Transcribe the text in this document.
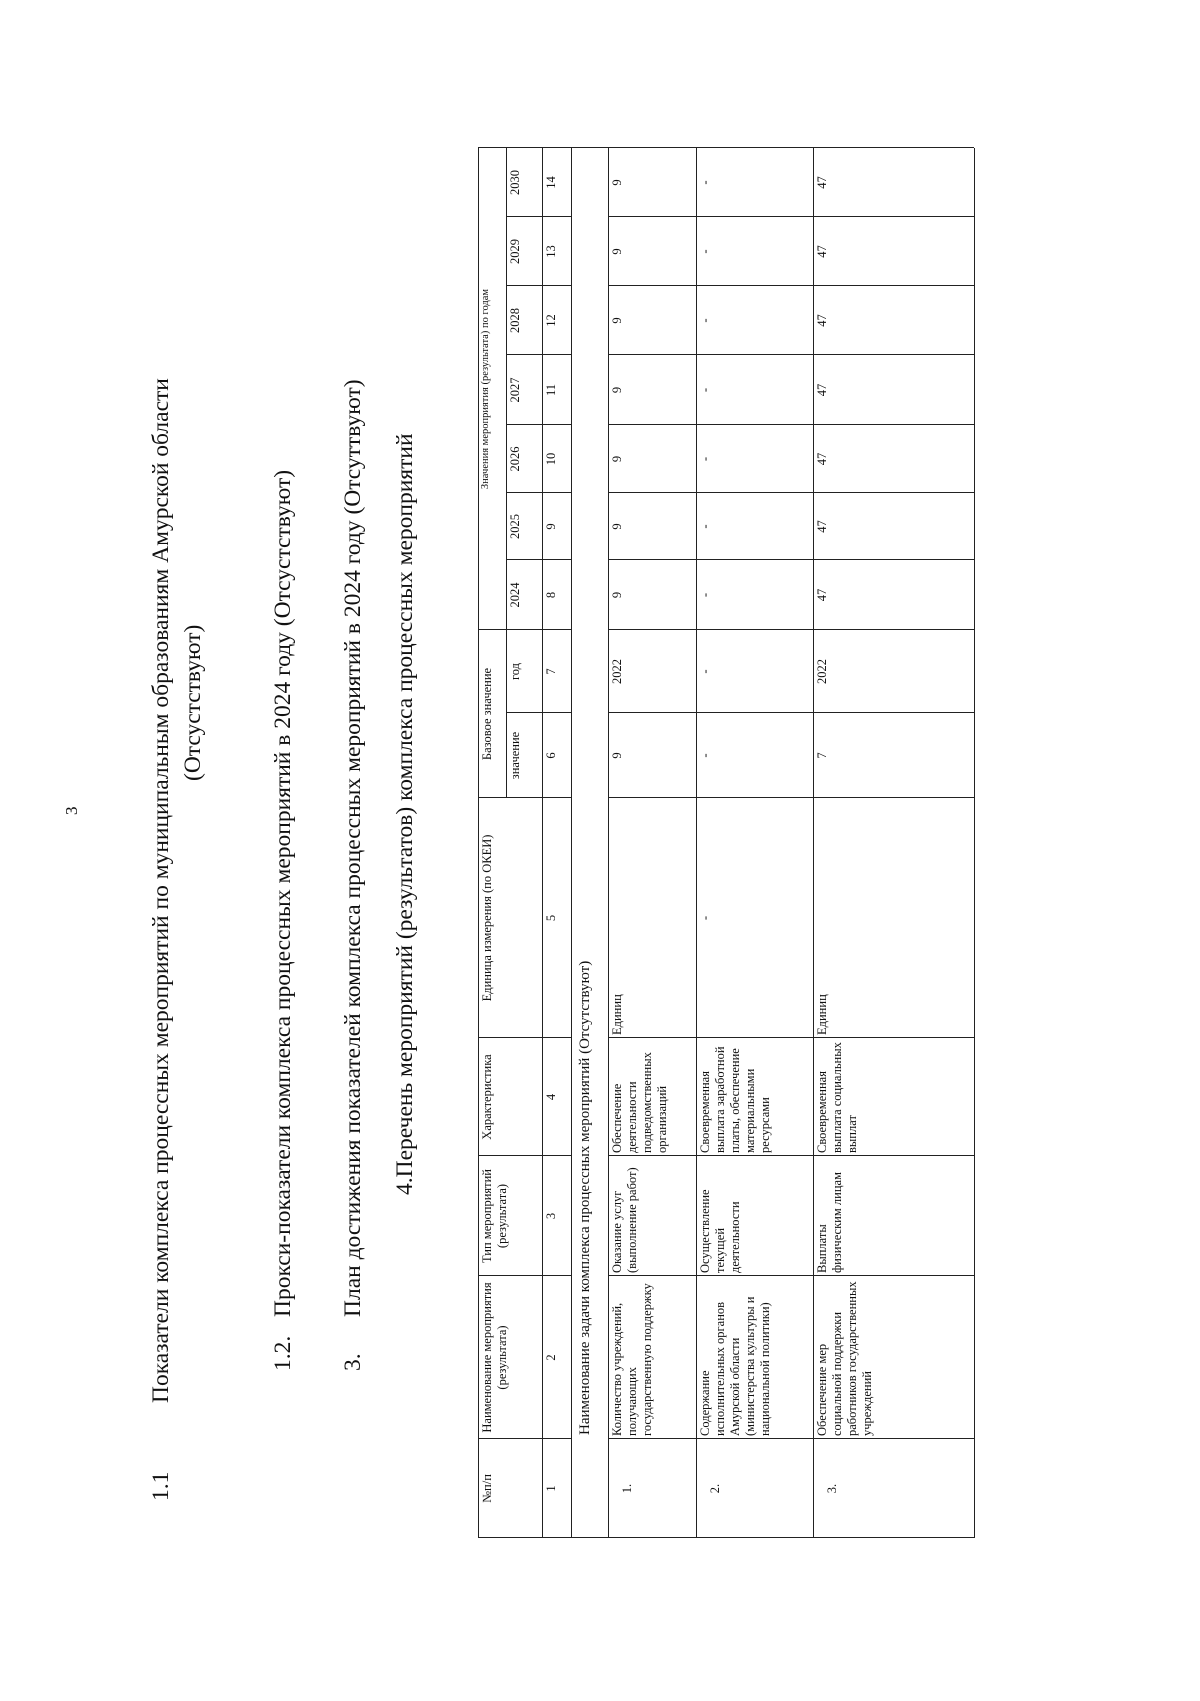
3
1.1
Показатели комплекса процессных мероприятий по муниципальным образованиям Амурской области (Отсустствуют)
1.2.
Прокси-показатели комплекса процессных мероприятий в 2024 году (Отсустствуют)
3.
План достижения показателей комплекса процессных мероприятий в 2024 году (Отсуттвуют) 4.Перечень мероприятий (результатов) комплекса процессных мероприятий
№п/п
Наименование мероприятия (результата)
Тип мероприятий (результата)
Характеристика
Единица измерения (по ОКЕИ)
Базовое значение	значение
год
Значения мероприятия (результата) по годам
2024
2025
2026
2027
2028
2029
2030
1
2
3
4
5
6
7
8
9
10
11
12
13
14
Наименование задачи комплекса процессных мероприятий (Отсутствуют)
1.
Количество учреждений, получающих государственную поддержку
Оказание услуг (выполнение работ)
Обеспечение деятельности подведомственных организаций
Единиц
9
2022
9
9
9
9
9
9
9
2.
Содержание исполнительных органов Амурской области (министерства культуры и национальной политики)
Осуществление текущей деятельности
Своевременная выплата заработной платы, обеспечение материальными ресурсами
-
-
-
-
-
-
-
-
-
-
3.
Обеспечение мер социальной поддержки работников государственных учреждений
Выплаты физическим лицам
Своевременная выплата социальных выплат
Единиц
7
2022
47
47
47
47
47
47
47
